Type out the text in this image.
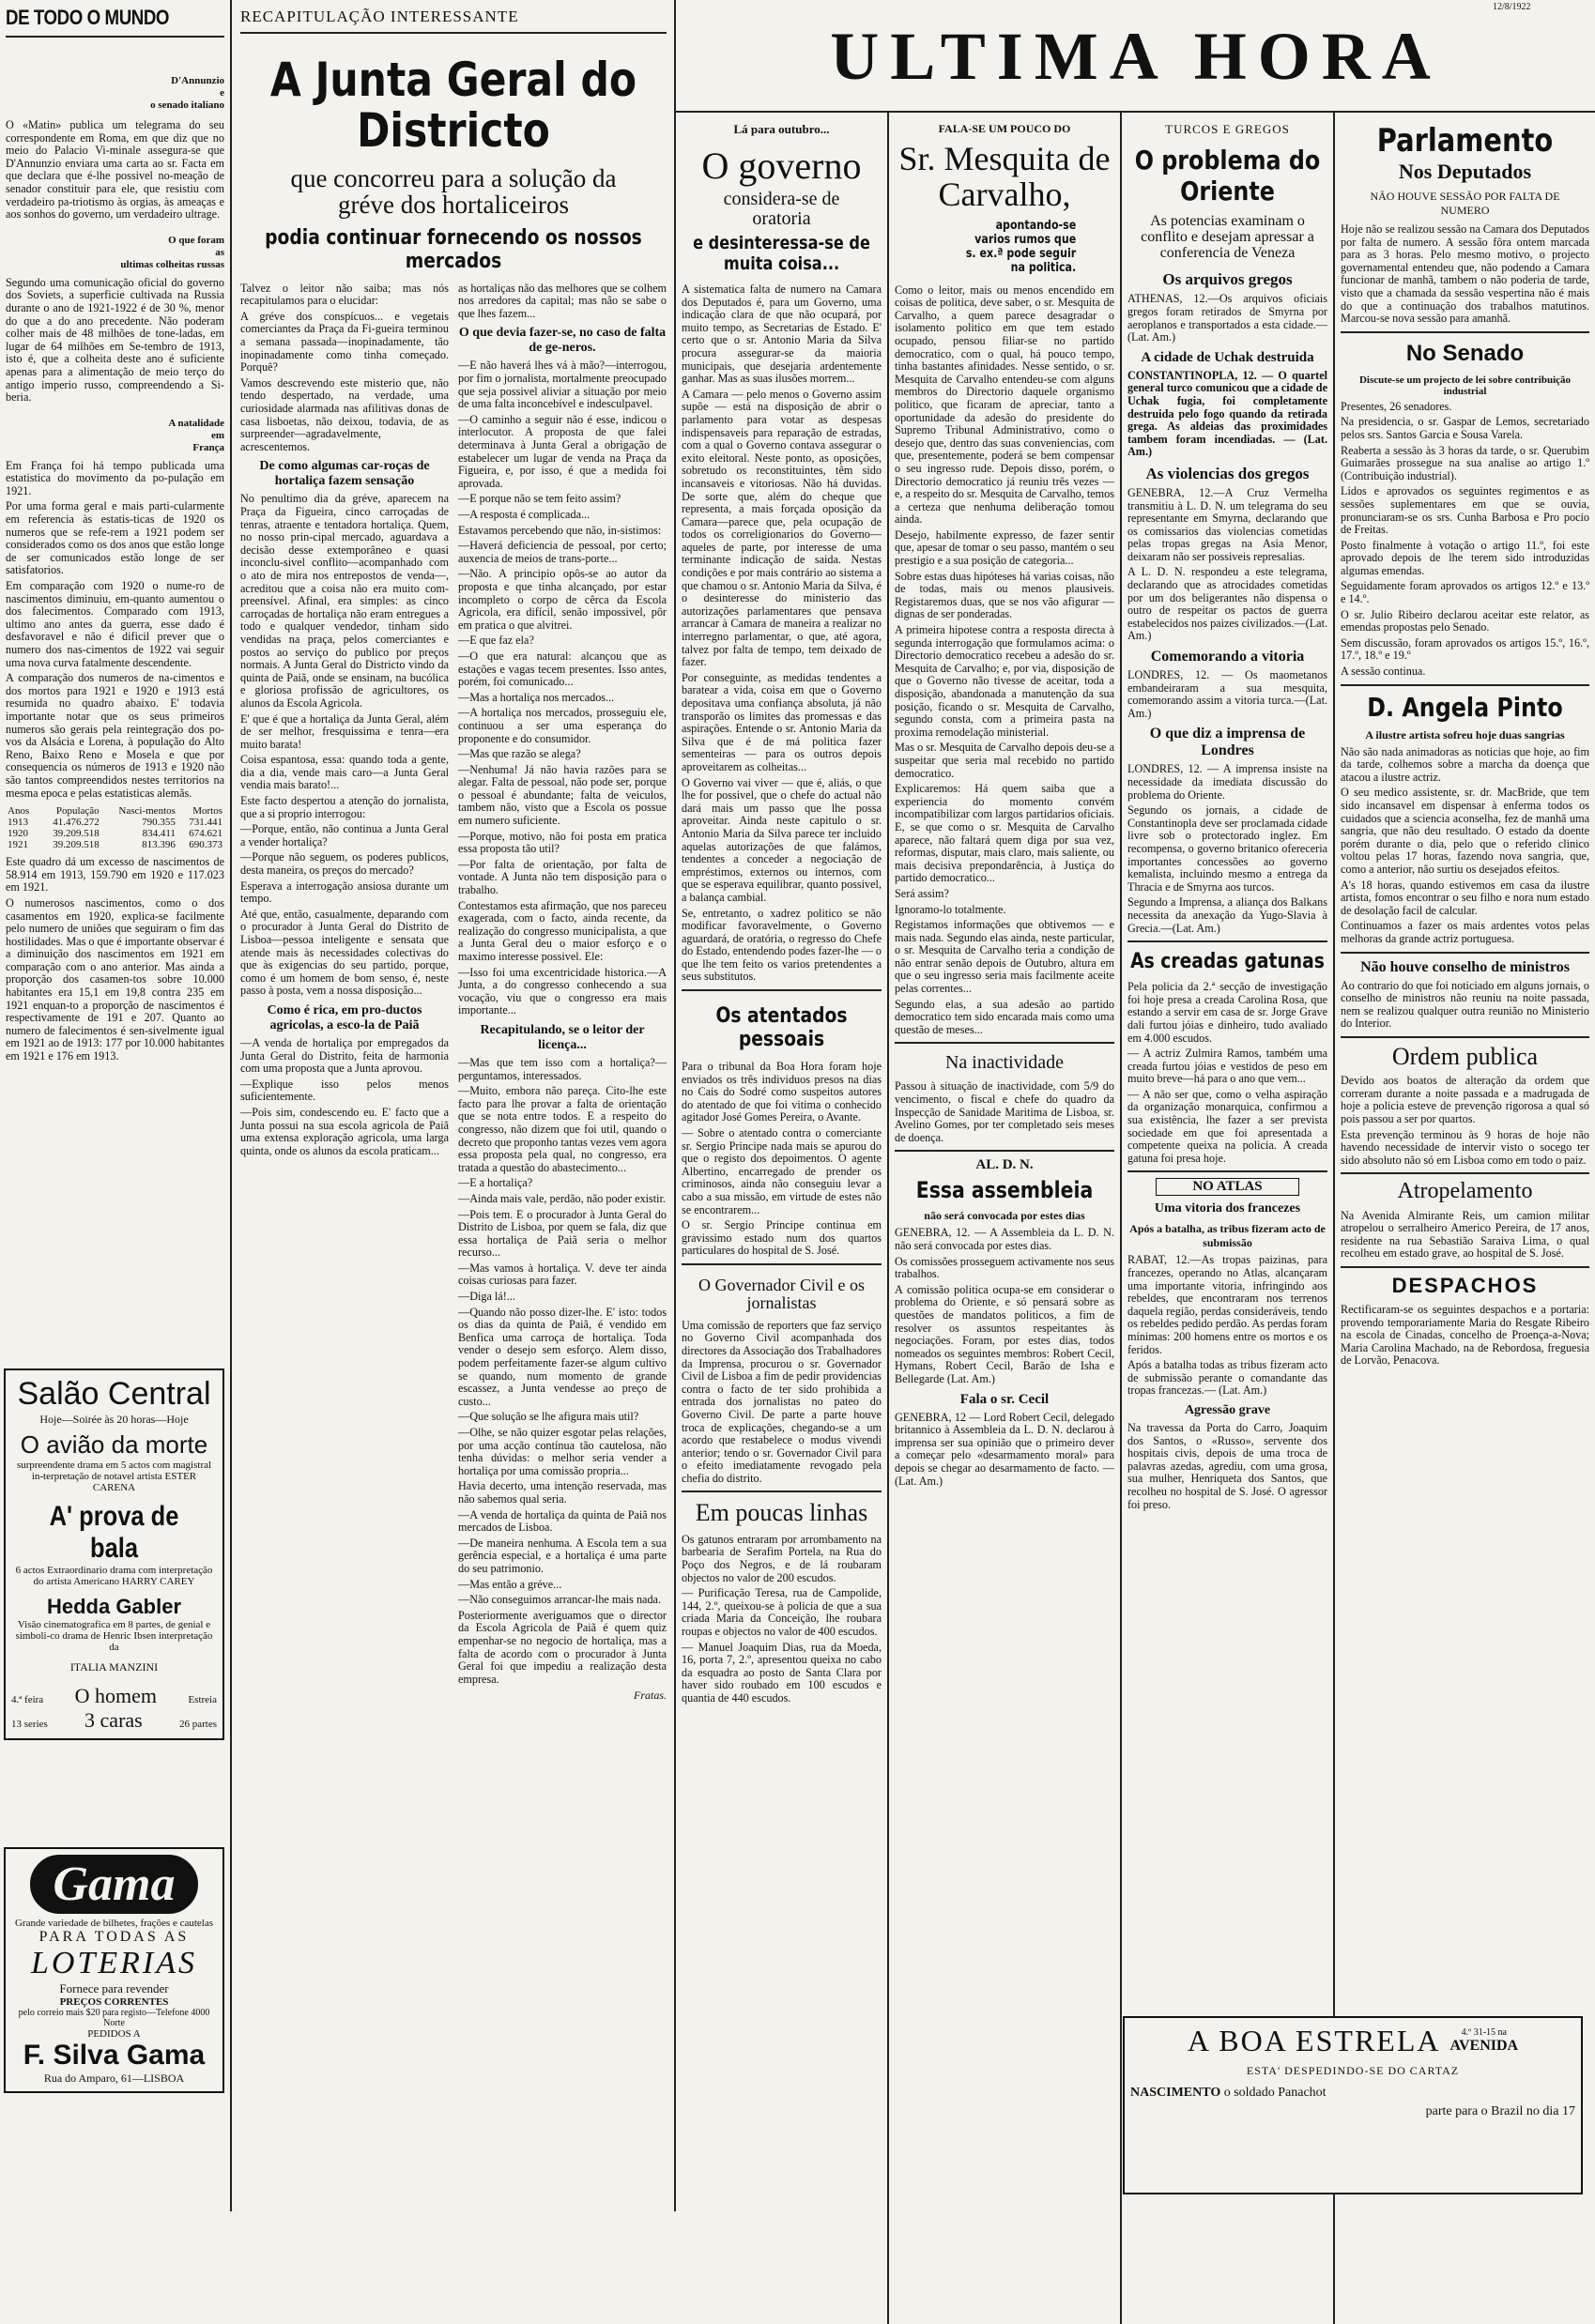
12/8/1922
ULTIMA HORA
DE TODO O MUNDO
D'Annunzio
e
o senado italiano

O «Matin» publica um telegrama do seu correspondente em Roma, em que diz que no meio do Palacio Vi-minale assegura-se que D'Annunzio enviara uma carta ao sr. Facta em que declara que é-lhe possivel no-meação de senador constituir para ele, que resistiu com verdadeiro pa-triotismo às orgias, às ameaças e aos sonhos do governo, um verdadeiro ultrage.

O que foram
as
ultimas colheitas russas

Segundo uma comunicação oficial do governo dos Soviets, a superficie cultivada na Russia durante o ano de 1921-1922 é de 30 %, menor do que a do ano precedente. Não poderam colher mais de 48 milhões de tone-ladas, em lugar de 64 milhões em Se-tembro de 1913, isto é, que a colheita deste ano é suficiente apenas para a alimentação de meio terço do antigo imperio russo, compreendendo a Si-beria.

A natalidade
em
França

Em França foi há tempo publicada uma estatistica do movimento da po-pulação em 1921.

Por uma forma geral e mais parti-cularmente em referencia às estatis-ticas de 1920 os numeros que se refe-rem a 1921 podem ser considerados como os dos anos que estão longe de ser comunicados estão longe de ser satisfatorios.

Em comparação com 1920 o nume-ro de nascimentos diminuiu, em-quanto aumentou o dos falecimentos. Comparado com 1913, ultimo ano antes da guerra, esse dado é desfavoravel e não é dificil prever que o numero dos nas-cimentos de 1922 vai seguir uma nova curva fatalmente descendente.

A comparação dos numeros de na-cimentos e dos mortos para 1921 e 1920 e 1913 está resumida no quadro abaixo. E' todavia importante notar que os seus primeiros numeros são gerais pela reintegração dos po-vos da Alsácia e Lorena, à população do Alto Reno, Baixo Reno e Mosela e que por consequencia os números de 1913 e 1920 não são tantos compreendidos nestes territorios na mesma epoca e pelas estatisticas alemãs.

Anos	População	Nasci-mentos	Mortos
1913	41.476.272	790.355	731.441
1920	39.209.518	834.411	674.621
1921	39.209.518	813.396	690.373

Este quadro dá um excesso de nascimentos de 58.914 em 1913, 159.790 em 1920 e 117.023 em 1921.

O numerosos nascimentos, como o dos casamentos em 1920, explica-se facilmente pelo numero de uniões que seguiram o fim das hostilidades. Mas o que é importante observar é a diminuição dos nascimentos em 1921 em comparação com o ano anterior. Mas ainda a proporção dos casamen-tos sobre 10.000 habitantes era 15,1 em 19,8 contra 235 em 1921 enquan-to a proporção de nascimentos é respectivamente de 191 e 207. Quanto ao numero de falecimentos é sen-sivelmente igual em 1921 ao de 1913: 177 por 10.000 habitantes em 1921 e 176 em 1913.

Salão Central
Hoje—Soirée às 20 horas—Hoje
O avião da morte
surpreendente drama em 5 actos com magistral in-terpretação de notavel artista ESTER CARENA
A' prova de bala
6 actos Extraordinario drama com interpretação do artista Americano HARRY CAREY
Hedda Gabler
Visão cinematografica em 8 partes, de genial e simboli-co drama de Henric Ibsen interpretação da
ITALIA MANZINI
4.ª feira O homem	Estreia
13 series 3 caras	26 partes
Gama
Grande variedade de bilhetes, frações e cautelas
PARA TODAS AS
LOTERIAS
Fornece para revender
PREÇOS CORRENTES
pelo correio mais $20 para registo—Telefone 4000 Norte
PEDIDOS A
F. Silva Gama
Rua do Amparo, 61—LISBOA
RECAPITULAÇÃO INTERESSANTE
A Junta Geral do Districto
que concorreu para a solução da gréve dos hortaliceiros
podia continuar fornecendo os nossos mercados

Talvez o leitor não saiba; mas nós recapitulamos para o elucidar:

A gréve dos conspícuos... e vegetais comerciantes da Praça da Fi-gueira terminou a semana passada—inopinadamente, tão inopinadamente como tinha começado. Porquê?

Vamos descrevendo este misterio que, não tendo despertado, na verdade, uma curiosidade alarmada nas afilitivas donas de casa lisboetas, não deixou, todavia, de as surpreender—agradavelmente, acrescentemos.

De como algumas car-roças de hortaliça fazem sensação

No penultimo dia da gréve, aparecem na Praça da Figueira, cinco carroçadas de tenras, atraente e tentadora hortaliça. Quem, no nosso prin-cipal mercado, aguardava a decisão desse extemporâneo e quasi inconclu-sivel conflito—acompanhado com o ato de mira nos entrepostos de venda—, acreditou que a coisa não era muito com-preensível. Afinal, era simples: as cinco carroçadas de hortaliça não eram entregues a todo e qualquer vendedor, tinham sido vendidas na praça, pelos comerciantes e postos ao serviço do publico por preços normais. A Junta Geral do Districto vindo da quinta de Paiã, onde se ensinam, na bucólica e gloriosa profissão de agricultores, os alunos da Escola Agricola.

E' que é que a hortaliça da Junta Geral, além de ser melhor, fresquissima e tenra—era muito barata!

Coisa espantosa, essa: quando toda a gente, dia a dia, vende mais caro—a Junta Geral vendia mais barato!...

Este facto despertou a atenção do jornalista, que a si proprio interrogou:

—Porque, então, não continua a Junta Geral a vender hortaliça?

—Porque não seguem, os poderes publicos, desta maneira, os preços do mercado?

Esperava a interrogação ansiosa durante um tempo.

Até que, então, casualmente, deparando com o procurador à Junta Geral do Distrito de Lisboa—pessoa inteligente e sensata que atende mais às necessidades colectivas do que às exigencias do seu partido, porque, como é um homem de bom senso, é, neste passo à posta, vem a nossa disposição...

Como é rica, em pro-ductos agricolas, a esco-la de Paiã

—A venda de hortaliça por empregados da Junta Geral do Distrito, feita de harmonia com uma proposta que a Junta aprovou.

—Explique isso pelos menos suficientemente.

—Pois sim, condescendo eu. E' facto que a Junta possui na sua escola agricola de Paiã uma extensa exploração agricola, uma larga quinta, onde os alunos da escola praticam...

as hortaliças não das melhores que se colhem nos arredores da capital; mas não se sabe o que lhes fazem...

O que devia fazer-se, no caso de falta de ge-neros.

—E não haverá lhes vá à mão?—interrogou, por fim o jornalista, mortalmente preocupado que seja possivel aliviar a situação por meio de uma falta inconcebível e indesculpavel.

—O caminho a seguir não é esse, indicou o interlocutor. A proposta de que falei determinava à Junta Geral a obrigação de estabelecer um lugar de venda na Praça da Figueira, e, por isso, é que a medida foi aprovada.

—E porque não se tem feito assim?

—A resposta é complicada...

Estavamos percebendo que não, in-sistimos:

—Haverá deficiencia de pessoal, por certo; auxencia de meios de trans-porte...

—Não. A principio opôs-se ao autor da proposta e que tinha alcançado, por estar incompleto o corpo de cêrca da Escola Agricola, era difícil, senão impossivel, pôr em pratica o que alvitrei.

—E que faz ela?

—O que era natural: alcançou que as estações e vagas tecem presentes. Isso antes, porém, foi comunicado...

—Mas a hortaliça nos mercados...

—A hortaliça nos mercados, prosseguiu ele, continuou a ser uma esperança do proponente e do consumidor.

—Mas que razão se alega?

—Nenhuma! Já não havia razões para se alegar. Falta de pessoal, não pode ser, porque o pessoal é abundante; falta de veiculos, tambem não, visto que a Escola os possue em numero suficiente.

—Porque, motivo, não foi posta em pratica essa proposta tão util?

—Por falta de orientação, por falta de vontade. A Junta não tem disposição para o trabalho.

Contestamos esta afirmação, que nos pareceu exagerada, com o facto, ainda recente, da realização do congresso municipalista, a que a Junta Geral deu o maior esforço e o maximo interesse possivel. Ele:

—Isso foi uma excentricidade historica.—A Junta, a do congresso conhecendo a sua vocação, viu que o congresso era mais importante...

Recapitulando, se o leitor der licença...

—Mas que tem isso com a hortaliça?—perguntamos, interessados.

—Muito, embora não pareça. Cito-lhe este facto para lhe provar a falta de orientação que se nota entre todos. E a respeito do congresso, não dizem que foi util, quando o decreto que proponho tantas vezes vem agora essa proposta pela qual, no congresso, era tratada a questão do abastecimento...

—E a hortaliça?

—Ainda mais vale, perdão, não poder existir.

—Pois tem. E o procurador à Junta Geral do Distrito de Lisboa, por quem se fala, diz que essa hortaliça de Paiã seria o melhor recurso...

—Mas vamos à hortaliça. V. deve ter ainda coisas curiosas para fazer.

—Diga lá!...

—Quando não posso dizer-lhe. E' isto: todos os dias da quinta de Paiã, é vendido em Benfica uma carroça de hortaliça. Toda vender o desejo sem esforço. Alem disso, podem perfeitamente fazer-se algum cultivo se quando, num momento de grande escassez, a Junta vendesse ao preço de custo...

—Que solução se lhe afigura mais util?

—Olhe, se não quizer esgotar pelas relações, por uma acção contínua tão cautelosa, não tenha dúvidas: o melhor seria vender a hortaliça por uma comissão propria...

Havia decerto, uma intenção reservada, mas não sabemos qual seria.

—A venda de hortaliça da quinta de Paiã nos mercados de Lisboa.

—De maneira nenhuma. A Escola tem a sua gerência especial, e a hortaliça é uma parte do seu patrimonio.

—Mas então a gréve...

—Não conseguimos arrancar-lhe mais nada.

Posteriormente averiguamos que o director da Escola Agricola de Paiã é quem quiz empenhar-se no negocio de hortaliça, mas a falta de acordo com o procurador à Junta Geral foi que impediu a realização desta empresa.

Fratas.
Lá para outubro...
O governo
considera-se de oratoria
e desinteressa-se de muita coisa...

A sistematica falta de numero na Camara dos Deputados é, para um Governo, uma indicação clara de que não ocupará, por muito tempo, as Secretarias de Estado. E' certo que o sr. Antonio Maria da Silva procura assegurar-se da maioria municipais, que desejaria ardentemente ganhar. Mas as suas ilusões morrem...

A Camara — pelo menos o Governo assim supõe — está na disposição de abrir o parlamento para votar as despesas indispensaveis para reparação de estradas, com a qual o Governo contava assegurar o exito eleitoral. Neste ponto, as oposições, sobretudo os reconstituintes, têm sido incansaveis e vitoriosas. Não há duvidas. De sorte que, além do cheque que representa, a mais forçada oposição da Camara—parece que, pela ocupação de todos os correligionarios do Governo—aqueles de parte, por interesse de uma terminante indicação de saida. Nestas condições e por mais contrário ao sistema a que chamou o sr. Antonio Maria da Silva, é o desinteresse do ministerio das autorizações parlamentares que pensava arrancar à Camara de maneira a realizar no interregno parlamentar, o que, até agora, talvez por falta de tempo, tem deixado de fazer.

Por conseguinte, as medidas tendentes a baratear a vida, coisa em que o Governo depositava uma confiança absoluta, já não transporão os limites das promessas e das aspirações. Entende o sr. Antonio Maria da Silva que é de má politica fazer sementeiras — para os outros depois aproveitarem as colheitas...

O Governo vai viver — que é, aliás, o que lhe for possivel, que o chefe do actual não dará mais um passo que lhe possa aproveitar. Ainda neste capitulo o sr. Antonio Maria da Silva parece ter incluido aquelas autorizações de que falámos, tendentes a conceder a negociação de empréstimos, externos ou internos, com que se esperava equilibrar, quanto possivel, a balança cambial.

Se, entretanto, o xadrez politico se não modificar favoravelmente, o Governo aguardará, de oratória, o regresso do Chefe do Estado, entendendo podes fazer-lhe — o que lhe tem feito os varios pretendentes a seus substitutos.

Os atentados pessoais

Para o tribunal da Boa Hora foram hoje enviados os três individuos presos na dias no Cais do Sodré como suspeitos autores do atentado de que foi vitima o conhecido agitador José Gomes Pereira, o Avante.

— Sobre o atentado contra o comerciante sr. Sergio Principe nada mais se apurou do que o registo dos depoimentos. O agente Albertino, encarregado de prender os criminosos, ainda não conseguiu levar a cabo a sua missão, em virtude de estes não se encontrarem...

O sr. Sergio Principe continua em gravissimo estado num dos quartos particulares do hospital de S. José.

O Governador Civil e os jornalistas

Uma comissão de reporters que faz serviço no Governo Civil acompanhada dos directores da Associação dos Trabalhadores da Imprensa, procurou o sr. Governador Civil de Lisboa a fim de pedir providencias contra o facto de ter sido prohibida a entrada dos jornalistas no pateo do Governo Civil. De parte a parte houve troca de explicações, chegando-se a um acordo que restabelece o modus vivendi anterior; tendo o sr. Governador Civil para o efeito imediatamente revogado pela chefia do distrito.

Em poucas linhas

Os gatunos entraram por arrombamento na barbearia de Serafim Portela, na Rua do Poço dos Negros, e de lá roubaram objectos no valor de 200 escudos.

— Purificação Teresa, rua de Campolide, 144, 2.º, queixou-se à policia de que a sua criada Maria da Conceição, lhe roubara roupas e objectos no valor de 400 escudos.

— Manuel Joaquim Dias, rua da Moeda, 16, porta 7, 2.º, apresentou queixa no cabo da esquadra ao posto de Santa Clara por haver sido roubado em 100 escudos e quantia de 440 escudos.

FALA-SE UM POUCO DO
Sr. Mesquita de Carvalho,
apontando-se varios rumos que s. ex.ª pode seguir na politica.

Como o leitor, mais ou menos encendido em coisas de politica, deve saber, o sr. Mesquita de Carvalho, a quem parece desagradar o isolamento politico em que tem estado ocupado, pensou filiar-se no partido democratico, com o qual, há pouco tempo, tinha bastantes afinidades. Nesse sentido, o sr. Mesquita de Carvalho entendeu-se com alguns membros do Directorio daquele organismo politico, que ficaram de apreciar, tanto a oportunidade da adesão do presidente do Supremo Tribunal Administrativo, como o desejo que, dentro das suas conveniencias, com que, presentemente, poderá se bem compensar o seu ingresso rude. Depois disso, porém, o Directorio democratico já reuniu três vezes — e, a respeito do sr. Mesquita de Carvalho, temos a certeza que nenhuma deliberação tomou ainda.

Desejo, habilmente expresso, de fazer sentir que, apesar de tomar o seu passo, mantém o seu prestigio e a sua posição de categoria...

Sobre estas duas hipóteses há varias coisas, não de todas, mais ou menos plausiveis. Registaremos duas, que se nos vão afigurar — dignas de ser ponderadas.

A primeira hipotese contra a resposta directa à segunda interrogação que formulamos acima: o Directorio democratico recebeu a adesão do sr. Mesquita de Carvalho; e, por via, disposição de que o Governo não tivesse de aceitar, toda a disposição, abandonada a manutenção da sua posição, ficando o sr. Mesquita de Carvalho, segundo consta, com a primeira pasta na proxima remodelação ministerial.

Mas o sr. Mesquita de Carvalho depois deu-se a suspeitar que seria mal recebido no partido democratico.

Explicaremos: Há quem saiba que a experiencia do momento convém incompatibilizar com largos partidarios oficiais. E, se que como o sr. Mesquita de Carvalho aparece, não faltará quem diga por sua vez, reformas, disputar, mais claro, mais saliente, ou mais decisiva prepondarência, à Justiça do partido democratico...

Será assim?

Ignoramo-lo totalmente.

Registamos informações que obtivemos — e mais nada. Segundo elas ainda, neste particular, o sr. Mesquita de Carvalho teria a condição de não entrar senão depois de Outubro, altura em que o seu ingresso seria mais facilmente aceite pelas correntes...

Segundo elas, a sua adesão ao partido democratico tem sido encarada mais como uma questão de meses...

Na inactividade

Passou à situação de inactividade, com 5/9 do vencimento, o fiscal e chefe do quadro da Inspecção de Sanidade Maritima de Lisboa, sr. Avelino Gomes, por ter completado seis meses de doença.

AL. D. N.
Essa assembleia
não será convocada por estes dias

GENEBRA, 12. — A Assembleia da L. D. N. não será convocada por estes dias.

Os comissões prosseguem activamente nos seus trabalhos.

A comissão politica ocupa-se em considerar o problema do Oriente, e só pensará sobre as questões de mandatos politicos, a fim de resolver os assuntos respeitantes às negociações. Foram, por estes dias, todos nomeados os seguintes membros: Robert Cecil, Hymans, Robert Cecil, Barão de Isha e Bellegarde (Lat. Am.)

Fala o sr. Cecil

GENEBRA, 12 — Lord Robert Cecil, delegado britannico à Assembleia da L. D. N. declarou à imprensa ser sua opinião que o primeiro dever a começar pelo «desarmamento moral» para depois se chegar ao desarmamento de facto. — (Lat. Am.)

TURCOS E GREGOS
O problema do Oriente
As potencias examinam o conflito e desejam apressar a conferencia de Veneza
Os arquivos gregos

ATHENAS, 12.—Os arquivos oficiais gregos foram retirados de Smyrna por aeroplanos e transportados a esta cidade.— (Lat. Am.)

A cidade de Uchak destruida

CONSTANTINOPLA, 12. — O quartel general turco comunicou que a cidade de Uchak fugia, foi completamente destruida pelo fogo quando da retirada grega. As aldeias das proximidades tambem foram incendiadas. — (Lat. Am.)

As violencias dos gregos

GENEBRA, 12.—A Cruz Vermelha transmitiu à L. D. N. um telegrama do seu representante em Smyrna, declarando que os comissarios das violencias cometidas pelas tropas gregas na Asia Menor, deixaram não ser possiveis represalias.

A L. D. N. respondeu a este telegrama, declarando que as atrocidades cometidas por um dos beligerantes não dispensa o outro de respeitar os pactos de guerra estabelecidos nos paizes civilizados.—(Lat. Am.)

Comemorando a vitoria

LONDRES, 12. — Os maometanos embandeiraram a sua mesquita, comemorando assim a vitoria turca.—(Lat. Am.)

O que diz a imprensa de Londres

LONDRES, 12. — A imprensa insiste na necessidade da imediata discussão do problema do Oriente.

Segundo os jornais, a cidade de Constantinopla deve ser proclamada cidade livre sob o protectorado inglez. Em recompensa, o governo britanico ofereceria importantes concessões ao governo kemalista, incluindo mesmo a entrega da Thracia e de Smyrna aos turcos.

Segundo a Imprensa, a aliança dos Balkans necessita da anexação da Yugo-Slavia à Grecia.—(Lat. Am.)

As creadas gatunas

Pela policia da 2.ª secção de investigação foi hoje presa a creada Carolina Rosa, que estando a servir em casa de sr. Jorge Grave dali furtou jóias e dinheiro, tudo avaliado em 4.000 escudos.

— A actriz Zulmira Ramos, também uma creada furtou jóias e vestidos de peso em muito breve—há para o ano que vem...

— A não ser que, como o velha aspiração da organização monarquica, confirmou a sua existência, lhe fazer a ser prevista sociedade em que foi apresentada a competente queixa na policia. A creada gatuna foi presa hoje.

NO ATLAS
Uma vitoria dos francezes
Após a batalha, as tribus fizeram acto de submissão

RABAT, 12.—As tropas paizinas, para francezes, operando no Atlas, alcançaram uma importante vitoria, infringindo aos rebeldes, que encontraram nos terrenos daquela região, perdas consideráveis, tendo os rebeldes pedido perdão. As perdas foram mínimas: 200 homens entre os mortos e os feridos.

Após a batalha todas as tribus fizeram acto de submissão perante o comandante das tropas francezas.— (Lat. Am.)

Agressão grave

Na travessa da Porta do Carro, Joaquim dos Santos, o «Russo», servente dos hospitais civis, depois de uma troca de palavras azedas, agrediu, com uma grosa, sua mulher, Henriqueta dos Santos, que recolheu no hospital de S. José. O agressor foi preso.

Parlamento
Nos Deputados
NÃO HOUVE SESSÃO POR FALTA DE NUMERO

Hoje não se realizou sessão na Camara dos Deputados por falta de numero. A sessão fôra ontem marcada para as 3 horas. Pelo mesmo motivo, o projecto governamental entendeu que, não podendo a Camara funcionar de manhã, tambem o não poderia de tarde, visto que a chamada da sessão vespertina não é mais do que a continuação dos trabalhos matutinos. Marcou-se nova sessão para amanhã.

No Senado
Discute-se um projecto de lei sobre contribuição industrial

Presentes, 26 senadores.

Na presidencia, o sr. Gaspar de Lemos, secretariado pelos srs. Santos Garcia e Sousa Varela.

Reaberta a sessão às 3 horas da tarde, o sr. Querubim Guimarães prossegue na sua analise ao artigo 1.º (Contribuição industrial).

Lidos e aprovados os seguintes regimentos e as sessões suplementares em que se ouvia, pronunciaram-se os srs. Cunha Barbosa e Pro pocio de Freitas.

Posto finalmente à votação o artigo 11.º, foi este aprovado depois de lhe terem sido introduzidas algumas emendas.

Seguidamente foram aprovados os artigos 12.º e 13.º e 14.º.

O sr. Julio Ribeiro declarou aceitar este relator, as emendas propostas pelo Senado.

Sem discussão, foram aprovados os artigos 15.º, 16.º, 17.º, 18.º e 19.º

A sessão continua.

D. Angela Pinto
A ilustre artista sofreu hoje duas sangrias

Não são nada animadoras as noticias que hoje, ao fim da tarde, colhemos sobre a marcha da doença que atacou a ilustre actriz.

O seu medico assistente, sr. dr. MacBride, que tem sido incansavel em dispensar à enferma todos os cuidados que a sciencia aconselha, fez de manhã uma sangria, que não deu resultado. O estado da doente porém durante o dia, pelo que o referido clinico voltou pelas 17 horas, fazendo nova sangria, que, como a anterior, não surtiu os desejados efeitos.

A's 18 horas, quando estivemos em casa da ilustre artista, fomos encontrar o seu filho e nora num estado de desolação facil de calcular.

Continuamos a fazer os mais ardentes votos pelas melhoras da grande actriz portuguesa.

Não houve conselho de ministros

Ao contrario do que foi noticiado em alguns jornais, o conselho de ministros não reuniu na noite passada, nem se realizou qualquer outra reunião no Ministerio do Interior.

Ordem publica

Devido aos boatos de alteração da ordem que correram durante a noite passada e a madrugada de hoje a policia esteve de prevenção rigorosa a qual só pois passou a ser por quartos.

Esta prevenção terminou às 9 horas de hoje não havendo necessidade de intervir visto o socego ter sido absoluto não só em Lisboa como em todo o paiz.

Atropelamento

Na Avenida Almirante Reis, um camion militar atropelou o serralheiro Americo Pereira, de 17 anos, residente na rua Sebastião Saraiva Lima, o qual recolheu em estado grave, ao hospital de S. José.

DESPACHOS

Rectificaram-se os seguintes despachos e a portaria: provendo temporariamente Maria do Resgate Ribeiro na escola de Cinadas, concelho de Proença-a-Nova; Maria Carolina Machado, na de Rebordosa, freguesia de Lorvão, Penacova.

A BOA ESTRELA 4.º 31-15 na
AVENIDA
ESTA' DESPEDINDO-SE DO CARTAZ
NASCIMENTO o soldado Panachot
parte para o Brazil no dia 17
